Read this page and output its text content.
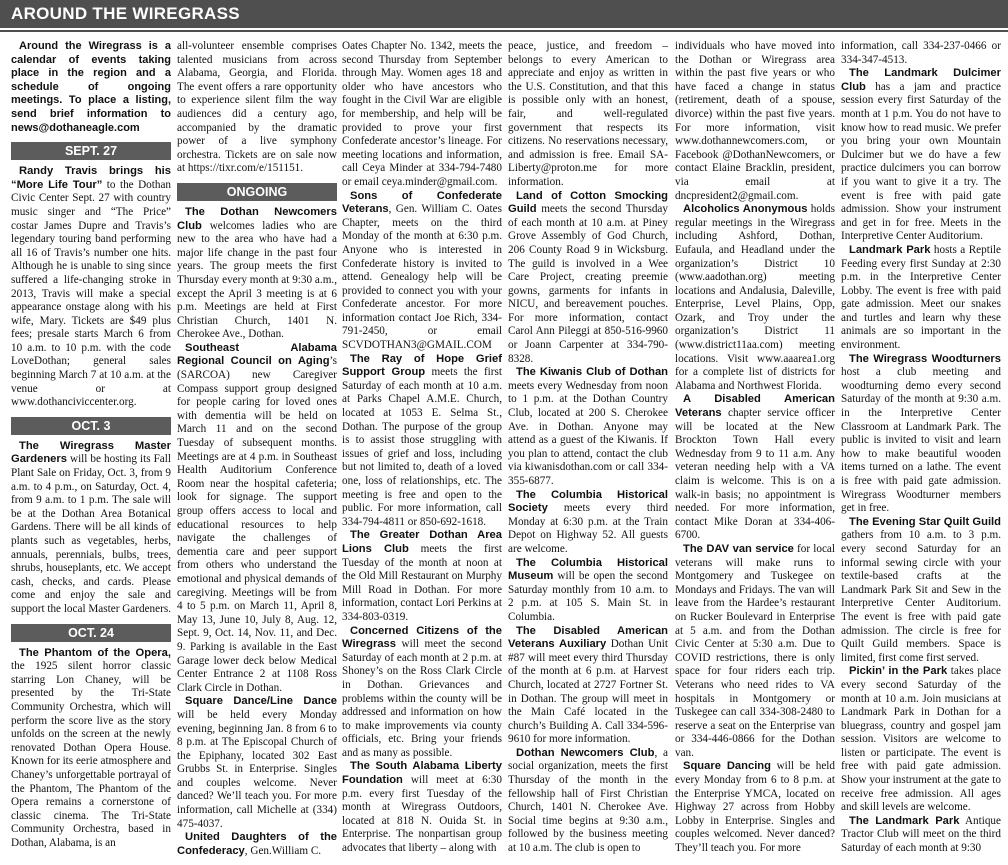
AROUND THE WIREGRASS

Around the Wiregrass is a calendar of events taking place in the region and a schedule of ongoing meetings. To place a listing, send brief information to news@dothaneagle.com

SEPT. 27

Randy Travis brings his “More Life Tour” to the Dothan Civic Center Sept. 27 with country music singer and “The Price” costar James Dupre and Travis’s legendary touring band performing all 16 of Travis’s number one hits. Although he is unable to sing since suffered a life-changing stroke in 2013, Travis will make a special appearance onstage along with his wife, Mary. Tickets are $49 plus fees; presale starts March 6 from 10 a.m. to 10 p.m. with the code LoveDothan; general sales beginning March 7 at 10 a.m. at the venue or at www.dothanciviccenter.org.

OCT. 3

The Wiregrass Master Gardeners will be hosting its Fall Plant Sale on Friday, Oct. 3, from 9 a.m. to 4 p.m., on Saturday, Oct. 4, from 9 a.m. to 1 p.m. The sale will be at the Dothan Area Botanical Gardens. There will be all kinds of plants such as vegetables, herbs, annuals, perennials, bulbs, trees, shrubs, houseplants, etc. We accept cash, checks, and cards. Please come and enjoy the sale and support the local Master Gardeners.

OCT. 24

The Phantom of the Opera, the 1925 silent horror classic starring Lon Chaney, will be presented by the Tri-State Community Orchestra, which will perform the score live as the story unfolds on the screen at the newly renovated Dothan Opera House. Known for its eerie atmosphere and Chaney’s unforgettable portrayal of the Phantom, The Phantom of the Opera remains a cornerstone of classic cinema. The Tri-State Community Orchestra, based in Dothan, Alabama, is an

all-volunteer ensemble comprises talented musicians from across Alabama, Georgia, and Florida. The event offers a rare opportunity to experience silent film the way audiences did a century ago, accompanied by the dramatic power of a live symphony orchestra. Tickets are on sale now at https://tixr.com/e/151151.

ONGOING

The Dothan Newcomers Club welcomes ladies who are new to the area who have had a major life change in the past four years. The group meets the first Thursday every month at 9:30 a.m., except the April 3 meeting is at 6 p.m. Meetings are held at First Christian Church, 1401 N. Cherokee Ave., Dothan.

Southeast Alabama Regional Council on Aging’s (SARCOA) new Caregiver Compass support group designed for people caring for loved ones with dementia will be held on March 11 and on the second Tuesday of subsequent months. Meetings are at 4 p.m. in Southeast Health Auditorium Conference Room near the hospital cafeteria; look for signage. The support group offers access to local and educational resources to help navigate the challenges of dementia care and peer support from others who understand the emotional and physical demands of caregiving. Meetings will be from 4 to 5 p.m. on March 11, April 8, May 13, June 10, July 8, Aug. 12, Sept. 9, Oct. 14, Nov. 11, and Dec. 9. Parking is available in the East Garage lower deck below Medical Center Entrance 2 at 1108 Ross Clark Circle in Dothan.

Square Dance/Line Dance will be held every Monday evening, beginning Jan. 8 from 6 to 8 p.m. at The Episcopal Church of the Epiphany, located 302 East Grubbs St. in Enterprise. Singles and couples welcome. Never danced? We’ll teach you. For more information, call Michelle at (334) 475-4037.

United Daughters of the Confederacy, Gen.William C.

Oates Chapter No. 1342, meets the second Thursday from September through May. Women ages 18 and older who have ancestors who fought in the Civil War are eligible for membership, and help will be provided to prove your first Confederate ancestor’s lineage. For meeting locations and information, call Ceya Minder at 334-794-7480 or email ceya.minder@gmail.com.

Sons of Confederate Veterans, Gen. William C. Oates Chapter, meets on the third Monday of the month at 6:30 p.m. Anyone who is interested in Confederate history is invited to attend. Genealogy help will be provided to connect you with your Confederate ancestor. For more information contact Joe Rich, 334-791-2450, or email SCVDOTHAN3@GMAIL.COM

The Ray of Hope Grief Support Group meets the first Saturday of each month at 10 a.m. at Parks Chapel A.M.E. Church, located at 1053 E. Selma St., Dothan. The purpose of the group is to assist those struggling with issues of grief and loss, including but not limited to, death of a loved one, loss of relationships, etc. The meeting is free and open to the public. For more information, call 334-794-4811 or 850-692-1618.

The Greater Dothan Area Lions Club meets the first Tuesday of the month at noon at the Old Mill Restaurant on Murphy Mill Road in Dothan. For more information, contact Lori Perkins at 334-803-0319.

Concerned Citizens of the Wiregrass will meet the second Saturday of each month at 2 p.m. at Shoney’s on the Ross Clark Circle in Dothan. Grievances and problems within the county will be addressed and information on how to make improvements via county officials, etc. Bring your friends and as many as possible.

The South Alabama Liberty Foundation will meet at 6:30 p.m. every first Tuesday of the month at Wiregrass Outdoors, located at 818 N. Ouida St. in Enterprise. The nonpartisan group advocates that liberty – along with

peace, justice, and freedom – belongs to every American to appreciate and enjoy as written in the U.S. Constitution, and that this is possible only with an honest, fair, and well-regulated government that respects its citizens. No reservations necessary, and admission is free. Email SA-Liberty@proton.me for more information.

Land of Cotton Smocking Guild meets the second Thursday of each month at 10 a.m. at Piney Grove Assembly of God Church, 206 County Road 9 in Wicksburg. The guild is involved in a Wee Care Project, creating preemie gowns, garments for infants in NICU, and bereavement pouches. For more information, contact Carol Ann Pileggi at 850-516-9960 or Joann Carpenter at 334-790-8328.

The Kiwanis Club of Dothan meets every Wednesday from noon to 1 p.m. at the Dothan Country Club, located at 200 S. Cherokee Ave. in Dothan. Anyone may attend as a guest of the Kiwanis. If you plan to attend, contact the club via kiwanisdothan.com or call 334-355-6877.

The Columbia Historical Society meets every third Monday at 6:30 p.m. at the Train Depot on Highway 52. All guests are welcome.

The Columbia Historical Museum will be open the second Saturday monthly from 10 a.m. to 2 p.m. at 105 S. Main St. in Columbia.

The Disabled American Veterans Auxiliary Dothan Unit #87 will meet every third Thursday of the month at 6 p.m. at Harvest Church, located at 2727 Fortner St. in Dothan. The group will meet in the Main Café located in the church’s Building A. Call 334-596-9610 for more information.

Dothan Newcomers Club, a social organization, meets the first Thursday of the month in the fellowship hall of First Christian Church, 1401 N. Cherokee Ave. Social time begins at 9:30 a.m., followed by the business meeting at 10 a.m. The club is open to

individuals who have moved into the Dothan or Wiregrass area within the past five years or who have faced a change in status (retirement, death of a spouse, divorce) within the past five years. For more information, visit www.dothannewcomers.com, or Facebook @DothanNewcomers, or contact Elaine Bracklin, president, via email at dncpresident2@gmail.com.

Alcoholics Anonymous holds regular meetings in the Wiregrass including Ashford, Dothan, Eufaula, and Headland under the organization’s District 10 (www.aadothan.org) meeting locations and Andalusia, Daleville, Enterprise, Level Plains, Opp, Ozark, and Troy under the organization’s District 11 (www.district11aa.com) meeting locations. Visit www.aaarea1.org for a complete list of districts for Alabama and Northwest Florida.

A Disabled American Veterans chapter service officer will be located at the New Brockton Town Hall every Wednesday from 9 to 11 a.m. Any veteran needing help with a VA claim is welcome. This is on a walk-in basis; no appointment is needed. For more information, contact Mike Doran at 334-406-6700.

The DAV van service for local veterans will make runs to Montgomery and Tuskegee on Mondays and Fridays. The van will leave from the Hardee’s restaurant on Rucker Boulevard in Enterprise at 5 a.m. and from the Dothan Civic Center at 5:30 a.m. Due to COVID restrictions, there is only space for four riders each trip. Veterans who need rides to VA hospitals in Montgomery or Tuskegee can call 334-308-2480 to reserve a seat on the Enterprise van or 334-446-0866 for the Dothan van.

Square Dancing will be held every Monday from 6 to 8 p.m. at the Enterprise YMCA, located on Highway 27 across from Hobby Lobby in Enterprise. Singles and couples welcomed. Never danced? They’ll teach you. For more

information, call 334-237-0466 or 334-347-4513.

The Landmark Dulcimer Club has a jam and practice session every first Saturday of the month at 1 p.m. You do not have to know how to read music. We prefer you bring your own Mountain Dulcimer but we do have a few practice dulcimers you can borrow if you want to give it a try. The event is free with paid gate admission. Show your instrument and get in for free. Meets in the Interpretive Center Auditorium.

Landmark Park hosts a Reptile Feeding every first Sunday at 2:30 p.m. in the Interpretive Center Lobby. The event is free with paid gate admission. Meet our snakes and turtles and learn why these animals are so important in the environment.

The Wiregrass Woodturners host a club meeting and woodturning demo every second Saturday of the month at 9:30 a.m. in the Interpretive Center Classroom at Landmark Park. The public is invited to visit and learn how to make beautiful wooden items turned on a lathe. The event is free with paid gate admission. Wiregrass Woodturner members get in free.

The Evening Star Quilt Guild gathers from 10 a.m. to 3 p.m. every second Saturday for an informal sewing circle with your textile-based crafts at the Landmark Park Sit and Sew in the Interpretive Center Auditorium. The event is free with paid gate admission. The circle is free for Quilt Guild members. Space is limited, first come first served.

Pickin’ in the Park takes place every second Saturday of the month at 10 a.m. Join musicians at Landmark Park in Dothan for a bluegrass, country and gospel jam session. Visitors are welcome to listen or participate. The event is free with paid gate admission. Show your instrument at the gate to receive free admission. All ages and skill levels are welcome.

The Landmark Park Antique Tractor Club will meet on the third Saturday of each month at 9:30
